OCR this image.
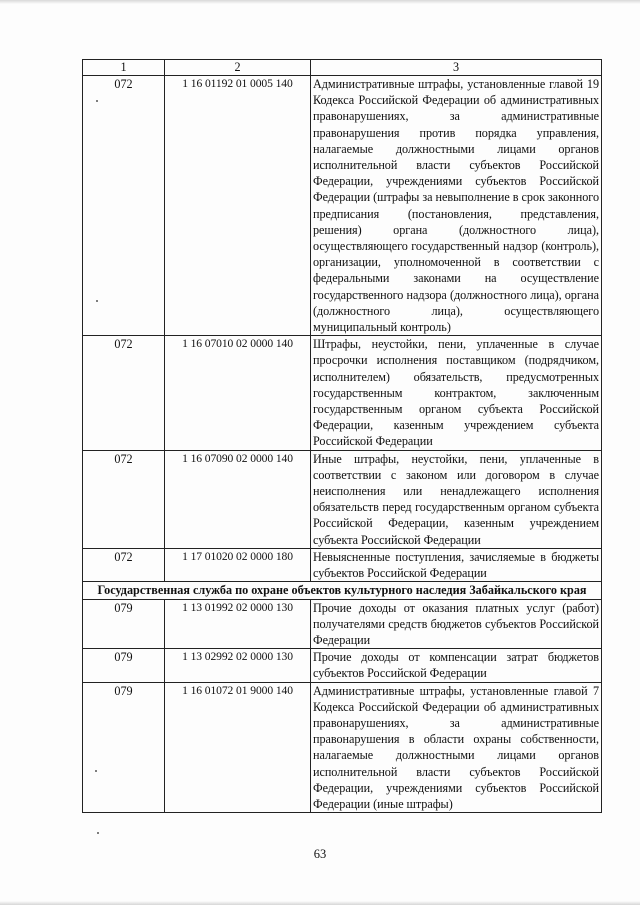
1	2	3
072	1 16 01192 01 0005 140	Административные штрафы, установленные главой 19 Кодекса Российской Федерации об административных правонарушениях, за административные правонарушения против порядка управления, налагаемые должностными лицами органов исполнительной власти субъектов Российской Федерации, учреждениями субъектов Российской Федерации (штрафы за невыполнение в срок законного предписания (постановления, представления, решения) органа (должностного лица), осуществляющего государственный надзор (контроль), организации, уполномоченной в соответствии с федеральными законами на осуществление государственного надзора (должностного лица), органа (должностного лица), осуществляющего муниципальный контроль)
072	1 16 07010 02 0000 140	Штрафы, неустойки, пени, уплаченные в случае просрочки исполнения поставщиком (подрядчиком, исполнителем) обязательств, предусмотренных государственным контрактом, заключенным государственным органом субъекта Российской Федерации, казенным учреждением субъекта Российской Федерации
072	1 16 07090 02 0000 140	Иные штрафы, неустойки, пени, уплаченные в соответствии с законом или договором в случае неисполнения или ненадлежащего исполнения обязательств перед государственным органом субъекта Российской Федерации, казенным учреждением субъекта Российской Федерации
072	1 17 01020 02 0000 180	Невыясненные поступления, зачисляемые в бюджеты субъектов Российской Федерации
Государственная служба по охране объектов культурного наследия Забайкальского края		
079	1 13 01992 02 0000 130	Прочие доходы от оказания платных услуг (работ) получателями средств бюджетов субъектов Российской Федерации
079	1 13 02992 02 0000 130	Прочие доходы от компенсации затрат бюджетов субъектов Российской Федерации
079	1 16 01072 01 9000 140	Административные штрафы, установленные главой 7 Кодекса Российской Федерации об административных правонарушениях, за административные правонарушения в области охраны собственности, налагаемые должностными лицами органов исполнительной власти субъектов Российской Федерации, учреждениями субъектов Российской Федерации (иные штрафы)
63
